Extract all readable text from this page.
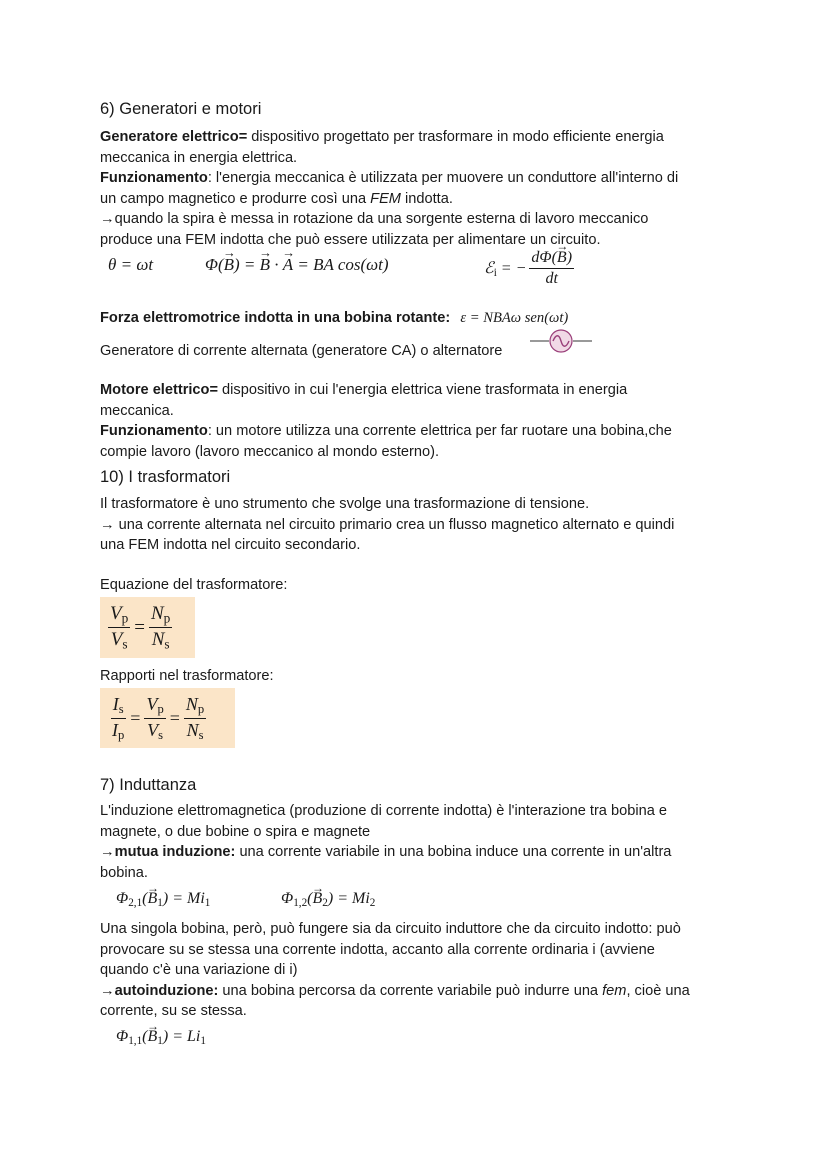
6) Generatori e motori
Generatore elettrico= dispositivo progettato per trasformare in modo efficiente energia
meccanica in energia elettrica.
Funzionamento: l'energia meccanica è utilizzata per muovere un conduttore all'interno di
un campo magnetico e produrre così una FEM indotta.
→quando la spira è messa in rotazione da una sorgente esterna di lavoro meccanico
produce una FEM indotta che può essere utilizzata per alimentare un circuito.
θ = ωt	Φ(→ B) = → B · → A = BA cos(ωt)	ℰ$_i$ = − $\frac{d\Phi(\to B)}{dt}$
Forza elettromotrice indotta in una bobina rotante: ε = NBAω sen(ωt)
Generatore di corrente alternata (generatore CA) o alternatore
Motore elettrico= dispositivo in cui l'energia elettrica viene trasformata in energia
meccanica.
Funzionamento: un motore utilizza una corrente elettrica per far ruotare una bobina,che
compie lavoro (lavoro meccanico al mondo esterno).
10) I trasformatori
Il trasformatore è uno strumento che svolge una trasformazione di tensione.
→ una corrente alternata nel circuito primario crea un flusso magnetico alternato e quindi
una FEM indotta nel circuito secondario.
Equazione del trasformatore:
$\frac{V_p}{V_s} = \frac{N_p}{N_s}$
Rapporti nel trasformatore:
$\frac{I_s}{I_p} = \frac{V_p}{V_s} = \frac{N_p}{N_s}$
7) Induttanza
L'induzione elettromagnetica (produzione di corrente indotta) è l'interazione tra bobina e
magnete, o due bobine o spira e magnete
→mutua induzione: una corrente variabile in una bobina induce una corrente in un'altra
bobina.
$\Phi_{2,1}(\to B_1) = Mi_1$	$\Phi_{1,2}(\to B_2) = Mi_2$
Una singola bobina, però, può fungere sia da circuito induttore che da circuito indotto: può
provocare su se stessa una corrente indotta, accanto alla corrente ordinaria i (avviene
quando c'è una variazione di i)
→autoinduzione: una bobina percorsa da corrente variabile può indurre una fem, cioè una
corrente, su se stessa.
$\Phi_{1,1}(\to B_1) = Li_1$
